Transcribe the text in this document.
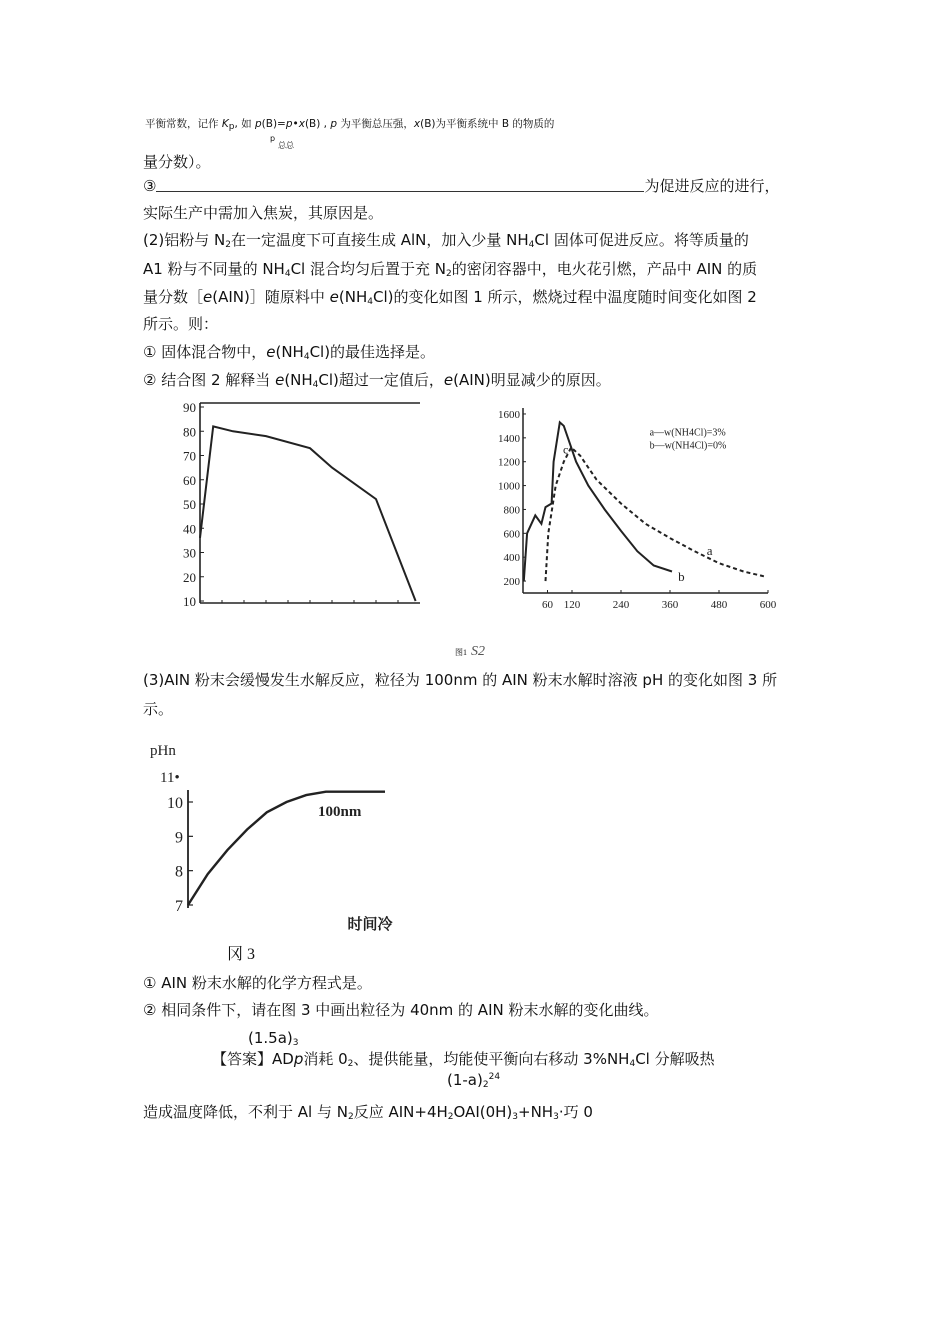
平衡常数，记作 $K_p$, 如 p(B)=p•x(B) , p 为平衡总压强，x(B)为平衡系统中 B 的物质的
p
总总
量分数）。
③	为促进反应的进行，
实际生产中需加入焦炭，其原因是。
(2)铝粉与 $N_2$在一定温度下可直接生成 AlN，加入少量 $NH_4Cl$ 固体可促进反应。将等质量的
A1 粉与不同量的 $NH_4Cl$ 混合均匀后置于充 $N_2$的密闭容器中，电火花引燃，产品中 AIN 的质
量分数［e(AIN)］随原料中 $e(NH_4Cl)$的变化如图 1 所示，燃烧过程中温度随时间变化如图 2
所示。则：
① 固体混合物中，$e(NH_4Cl)$的最佳选择是。
② 结合图 2 解释当 $e(NH_4Cl)$超过一定值后，e(AIN)明显减少的原因。
90
80
70
60
50
40
30
20
10
1600
1400
1200
1000
800
600
400
200
60 120	240	360	480	600
a
b
c
a—w(NH4Cl)=3%
b—w(NH4Cl)=0%
图1 S2
(3)AIN 粉末会缓慢发生水解反应，粒径为 100nm 的 AIN 粉末水解时溶液 pH 的变化如图 3 所
示。
pHn
11•
10
9
8
7
时间冷
100nm
冈 3
① AIN 粉末水解的化学方程式是。
② 相同条件下，请在图 3 中画出粒径为 40nm 的 AIN 粉末水解的变化曲线。
$(1.5a)_3$
【答案】ADp消耗 $0_2$、提供能量，均能使平衡向右移动 $3\%NH_4Cl$ 分解吸热
$(1-a)_2^{24}$
造成温度降低，不利于 Al 与 $N_2$反应 $AIN+4H_2OAI(0H)_3+NH_3\cdot$巧 0
